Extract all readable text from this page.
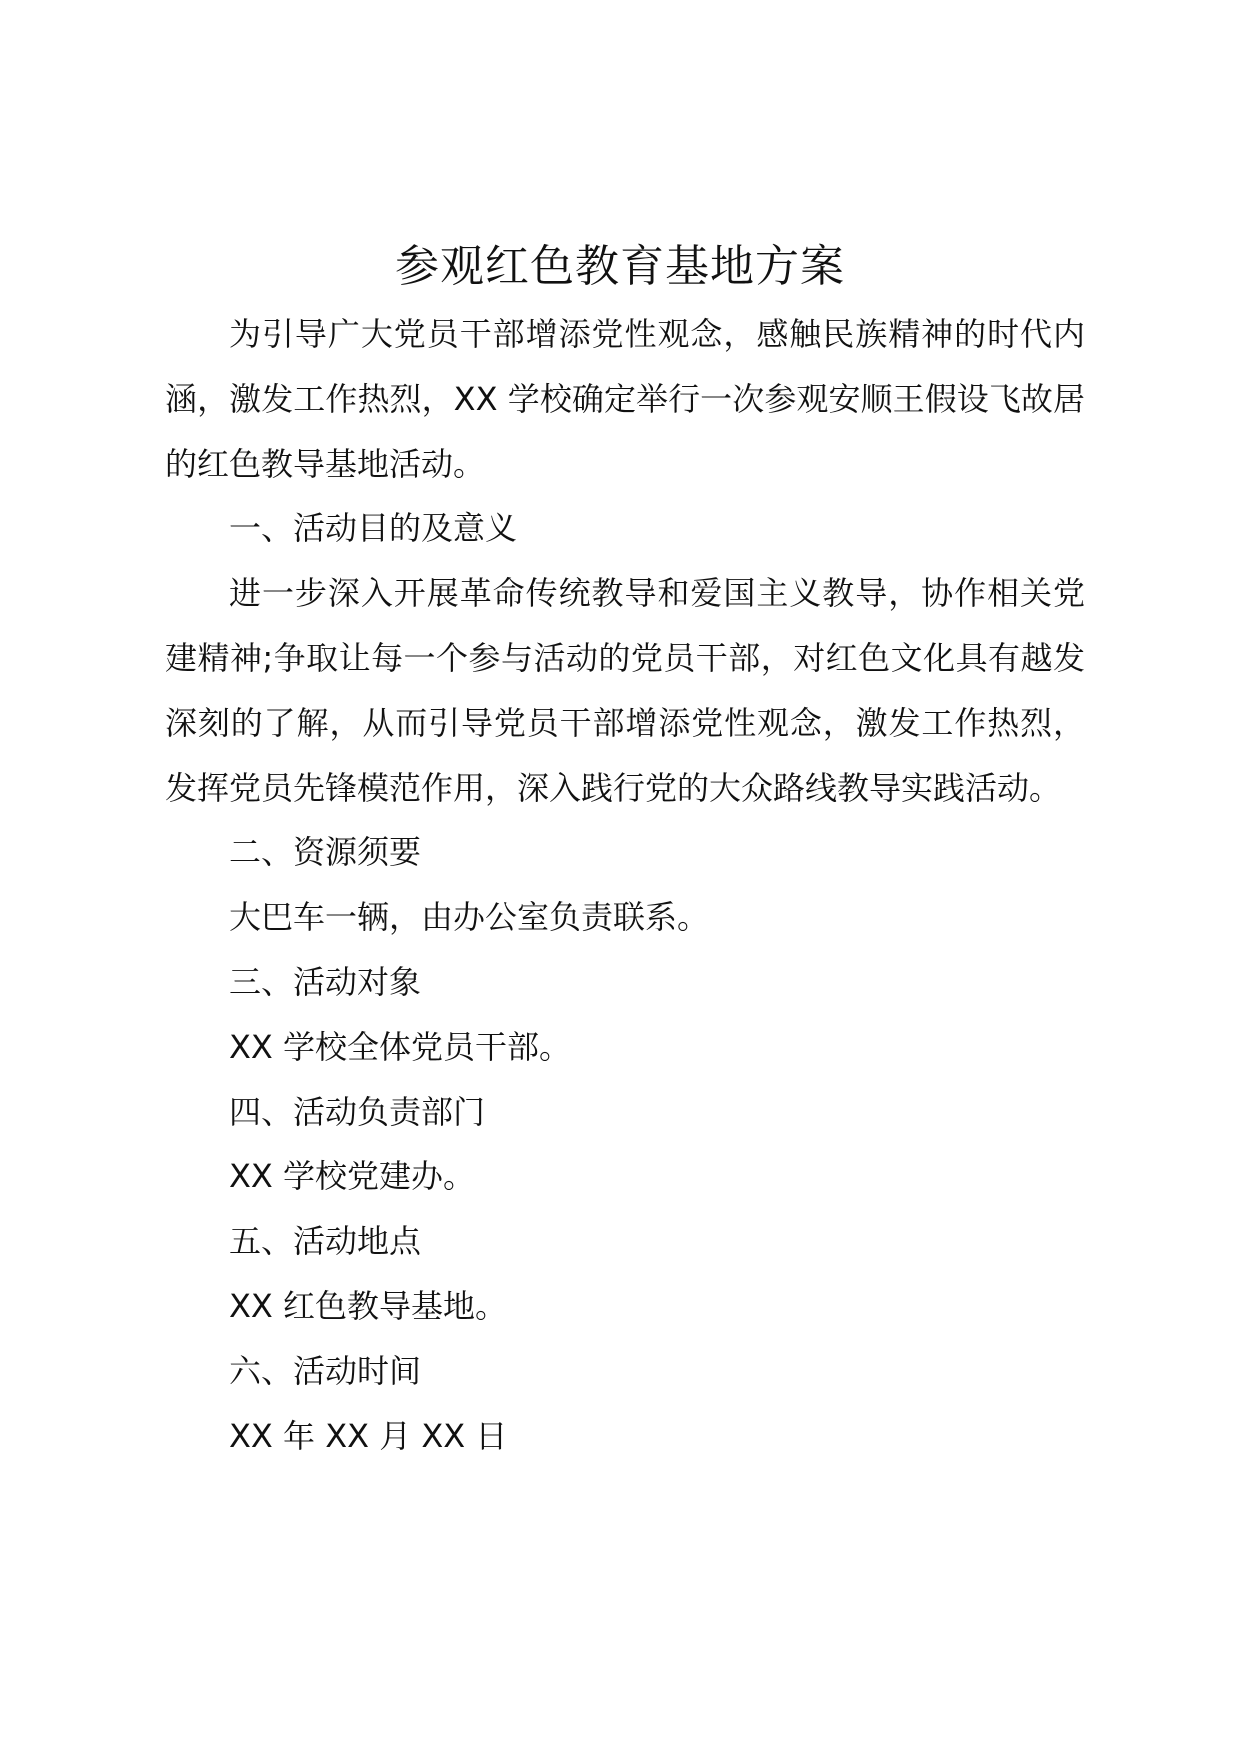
参观红色教育基地方案

为引导广大党员干部增添党性观念，感触民族精神的时代内涵，激发工作热烈，XX 学校确定举行一次参观安顺王假设飞故居的红色教导基地活动。

一、活动目的及意义

进一步深入开展革命传统教导和爱国主义教导，协作相关党建精神;争取让每一个参与活动的党员干部，对红色文化具有越发深刻的了解，从而引导党员干部增添党性观念，激发工作热烈，发挥党员先锋模范作用，深入践行党的大众路线教导实践活动。

二、资源须要

大巴车一辆，由办公室负责联系。

三、活动对象

XX 学校全体党员干部。

四、活动负责部门

XX 学校党建办。

五、活动地点

XX 红色教导基地。

六、活动时间

XX 年 XX 月 XX 日
